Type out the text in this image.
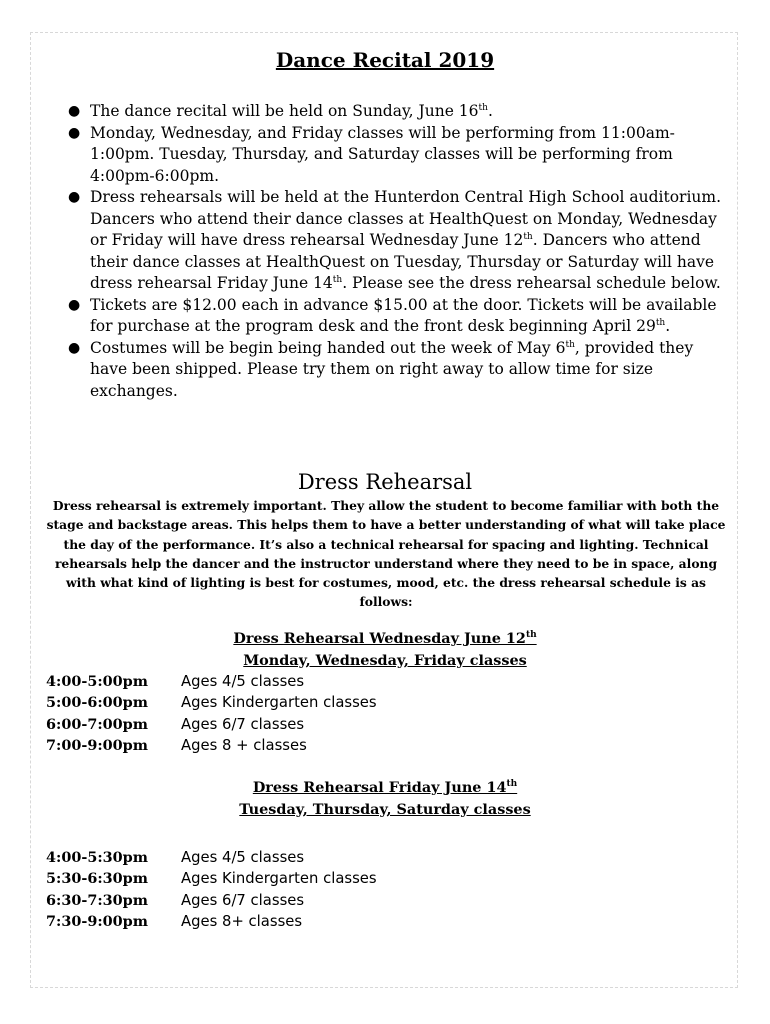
Dance Recital 2019
● The dance recital will be held on Sunday, June 16th.
● Monday, Wednesday, and Friday classes will be performing from 11:00am-1:00pm. Tuesday, Thursday, and Saturday classes will be performing from 4:00pm-6:00pm.
● Dress rehearsals will be held at the Hunterdon Central High School auditorium. Dancers who attend their dance classes at HealthQuest on Monday, Wednesday or Friday will have dress rehearsal Wednesday June 12th. Dancers who attend their dance classes at HealthQuest on Tuesday, Thursday or Saturday will have dress rehearsal Friday June 14th. Please see the dress rehearsal schedule below.
● Tickets are $12.00 each in advance $15.00 at the door. Tickets will be available for purchase at the program desk and the front desk beginning April 29th.
● Costumes will be begin being handed out the week of May 6th, provided they have been shipped. Please try them on right away to allow time for size exchanges.
Dress Rehearsal
Dress rehearsal is extremely important. They allow the student to become familiar with both the stage and backstage areas. This helps them to have a better understanding of what will take place the day of the performance. It’s also a technical rehearsal for spacing and lighting. Technical rehearsals help the dancer and the instructor understand where they need to be in space, along with what kind of lighting is best for costumes, mood, etc. the dress rehearsal schedule is as follows:
Dress Rehearsal Wednesday June 12th
Monday, Wednesday, Friday classes
4:00-5:00pm	Ages 4/5 classes
5:00-6:00pm	Ages Kindergarten classes
6:00-7:00pm	Ages 6/7 classes
7:00-9:00pm	Ages 8 + classes
Dress Rehearsal Friday June 14th
Tuesday, Thursday, Saturday classes
4:00-5:30pm	Ages 4/5 classes
5:30-6:30pm	Ages Kindergarten classes
6:30-7:30pm	Ages 6/7 classes
7:30-9:00pm	Ages 8+ classes
